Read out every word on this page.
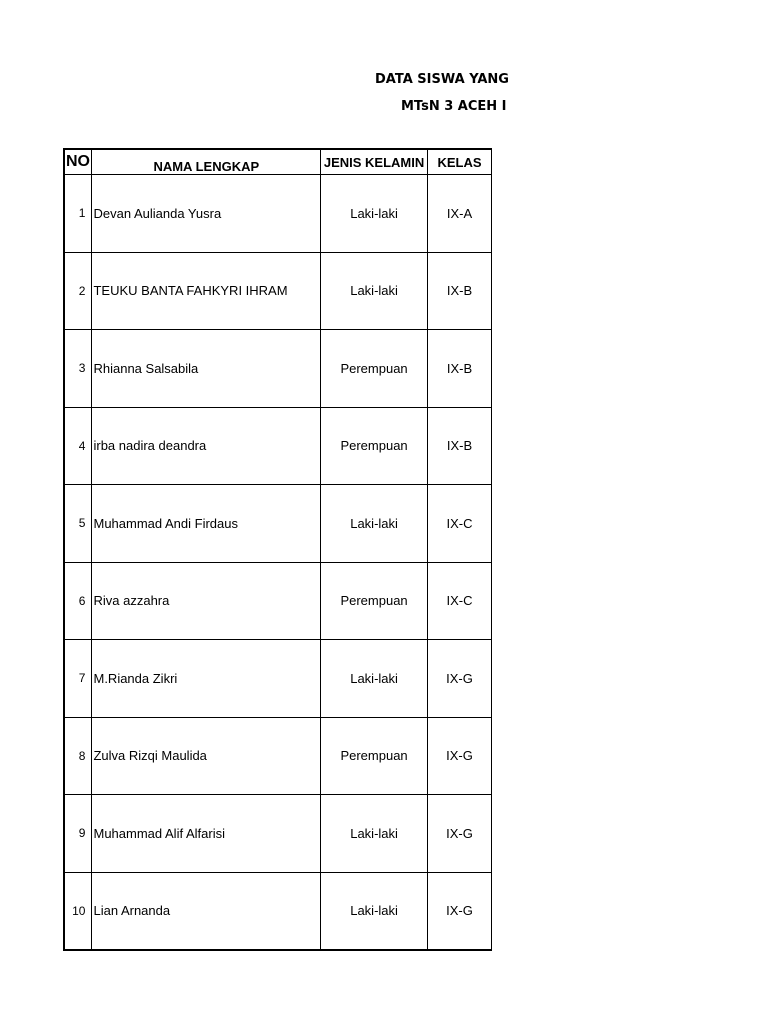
DATA SISWA YANG
MTsN 3 ACEH I
NO	NAMA LENGKAP	JENIS KELAMIN	KELAS
1	Devan Aulianda Yusra	Laki-laki	IX-A
2	TEUKU BANTA FAHKYRI IHRAM	Laki-laki	IX-B
3	Rhianna Salsabila	Perempuan	IX-B
4	irba nadira deandra	Perempuan	IX-B
5	Muhammad Andi Firdaus	Laki-laki	IX-C
6	Riva azzahra	Perempuan	IX-C
7	M.Rianda Zikri	Laki-laki	IX-G
8	Zulva Rizqi Maulida	Perempuan	IX-G
9	Muhammad Alif Alfarisi	Laki-laki	IX-G
10	Lian Arnanda	Laki-laki	IX-G
